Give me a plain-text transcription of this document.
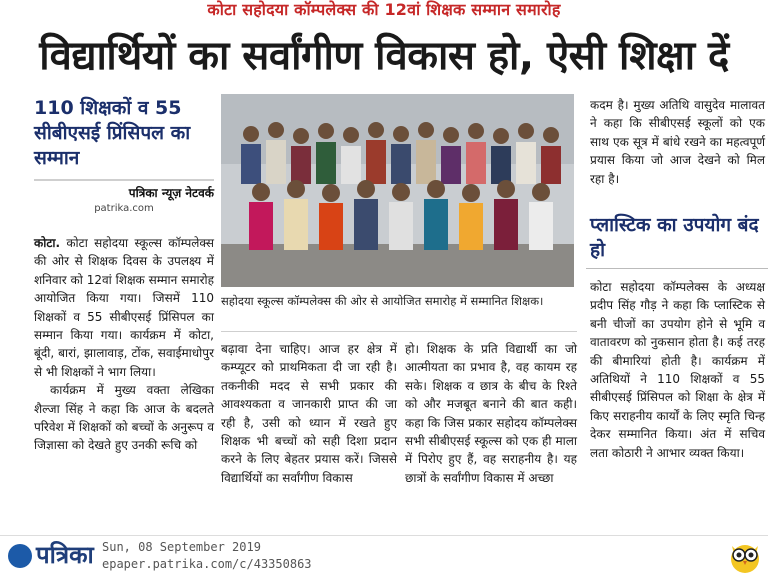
कोटा सहोदया कॉम्पलेक्स की 12वां शिक्षक सम्मान समारोह
विद्यार्थियों का सर्वांगीण विकास हो, ऐसी शिक्षा दें
110 शिक्षकों व 55 सीबीएसई प्रिंसिपल का सम्मान
पत्रिका न्यूज़ नेटवर्क
patrika.com

कोटा. कोटा सहोदया स्कूल्स कॉम्पलेक्स की ओर से शिक्षक दिवस के उपलक्ष्य में शनिवार को 12वां शिक्षक सम्मान समारोह आयोजित किया गया। जिसमें 110 शिक्षकों व 55 सीबीएसई प्रिंसिपल का सम्मान किया गया। कार्यक्रम में कोटा, बूंदी, बारां, झालावाड़, टोंक, सवाईमाधोपुर से भी शिक्षकों ने भाग लिया।

कार्यक्रम में मुख्य वक्ता लेखिका शैल्जा सिंह ने कहा कि आज के बदलते परिवेश में शिक्षकों को बच्चों के अनुरूप व जिज्ञासा को देखते हुए उनकी रूचि को

सहोदया स्कूल्स कॉम्पलेक्स की ओर से आयोजित समारोह में सम्मानित शिक्षक।

बढ़ावा देना चाहिए। आज हर क्षेत्र में कम्प्यूटर को प्राथमिकता दी जा रही है। तकनीकी मदद से सभी प्रकार की आवश्यकता व जानकारी प्राप्त की जा रही है, उसी को ध्यान में रखते हुए शिक्षक भी बच्चों को सही दिशा प्रदान करने के लिए बेहतर प्रयास करें। जिससे विद्यार्थियों का सर्वांगीण विकास

हो। शिक्षक के प्रति विद्यार्थी का जो आत्मीयता का प्रभाव है, वह कायम रह सके। शिक्षक व छात्र के बीच के रिश्ते को और मजबूत बनाने की बात कही। कहा कि जिस प्रकार सहोदय कॉम्पलेक्स सभी सीबीएसई स्कूल्स को एक ही माला में पिरोए हुए हैं, वह सराहनीय है। यह छात्रों के सर्वांगीण विकास में अच्छा

कदम है। मुख्य अतिथि वासुदेव मालावत ने कहा कि सीबीएसई स्कूलों को एक साथ एक सूत्र में बांधे रखने का महत्वपूर्ण प्रयास किया जो आज देखने को मिल रहा है।

प्लास्टिक का उपयोग बंद हो

कोटा सहोदया कॉम्पलेक्स के अध्यक्ष प्रदीप सिंह गौड़ ने कहा कि प्लास्टिक से बनी चीजों का उपयोग होने से भूमि व वातावरण को नुकसान होता है। कई तरह की बीमारियां होती है। कार्यक्रम में अतिथियों ने 110 शिक्षकों व 55 सीबीएसई प्रिंसिपल को शिक्षा के क्षेत्र में किए सराहनीय कार्यों के लिए स्मृति चिन्ह देकर सम्मानित किया। अंत में सचिव लता कोठारी ने आभार व्यक्त किया।

पत्रिका Sun, 08 September 2019
epaper.patrika.com/c/43350863
